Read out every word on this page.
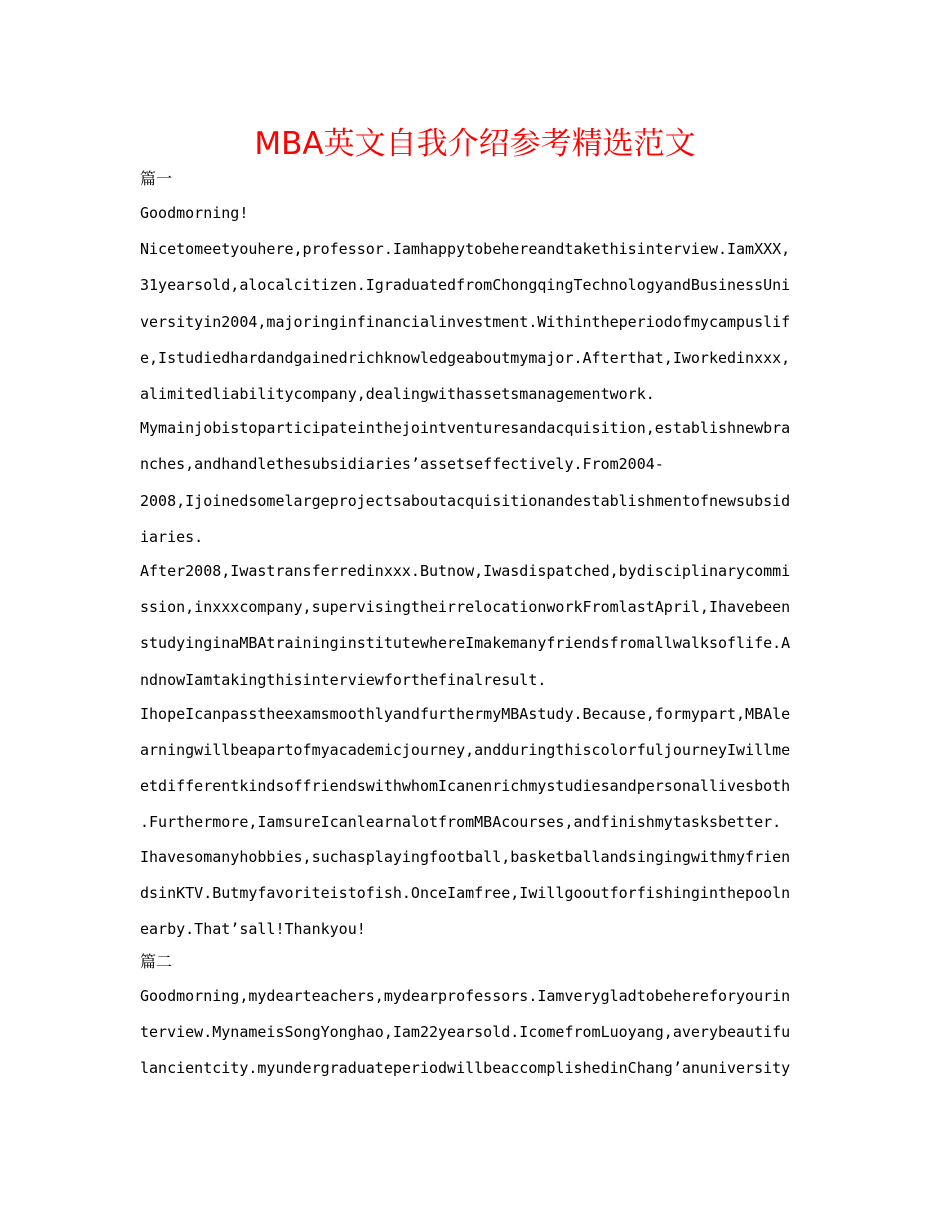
MBA英文自我介绍参考精选范文

篇一

Goodmorning!

Nicetomeetyouhere,professor.Iamhappytobehereandtakethisinterview.IamXXX,

31yearsold,alocalcitizen.IgraduatedfromChongqingTechnologyandBusinessUni

versityin2004,majoringinfinancialinvestment.Withintheperiodofmycampuslif

e,Istudiedhardandgainedrichknowledgeaboutmymajor.Afterthat,Iworkedinxxx,

alimitedliabilitycompany,dealingwithassetsmanagementwork.

Mymainjobistoparticipateinthejointventuresandacquisition,establishnewbra

nches,andhandlethesubsidiaries’assetseffectively.From2004-

2008,Ijoinedsomelargeprojectsaboutacquisitionandestablishmentofnewsubsid

iaries.

After2008,Iwastransferredinxxx.Butnow,Iwasdispatched,bydisciplinarycommi

ssion,inxxxcompany,supervisingtheirrelocationworkFromlastApril,Ihavebeen

studyinginaMBAtraininginstitutewhereImakemanyfriendsfromallwalksoflife.A

ndnowIamtakingthisinterviewforthefinalresult.

IhopeIcanpasstheexamsmoothlyandfurthermyMBAstudy.Because,formypart,MBAle

arningwillbeapartofmyacademicjourney,andduringthiscolorfuljourneyIwillme

etdifferentkindsoffriendswithwhomIcanenrichmystudiesandpersonallivesboth

.Furthermore,IamsureIcanlearnalotfromMBAcourses,andfinishmytasksbetter.

Ihavesomanyhobbies,suchasplayingfootball,basketballandsingingwithmyfrien

dsinKTV.Butmyfavoriteistofish.OnceIamfree,Iwillgooutforfishinginthepooln

earby.That’sall!Thankyou!

篇二

Goodmorning,mydearteachers,mydearprofessors.Iamverygladtobehereforyourin

terview.MynameisSongYonghao,Iam22yearsold.IcomefromLuoyang,averybeautifu

lancientcity.myundergraduateperiodwillbeaccomplishedinChang’anuniversity
